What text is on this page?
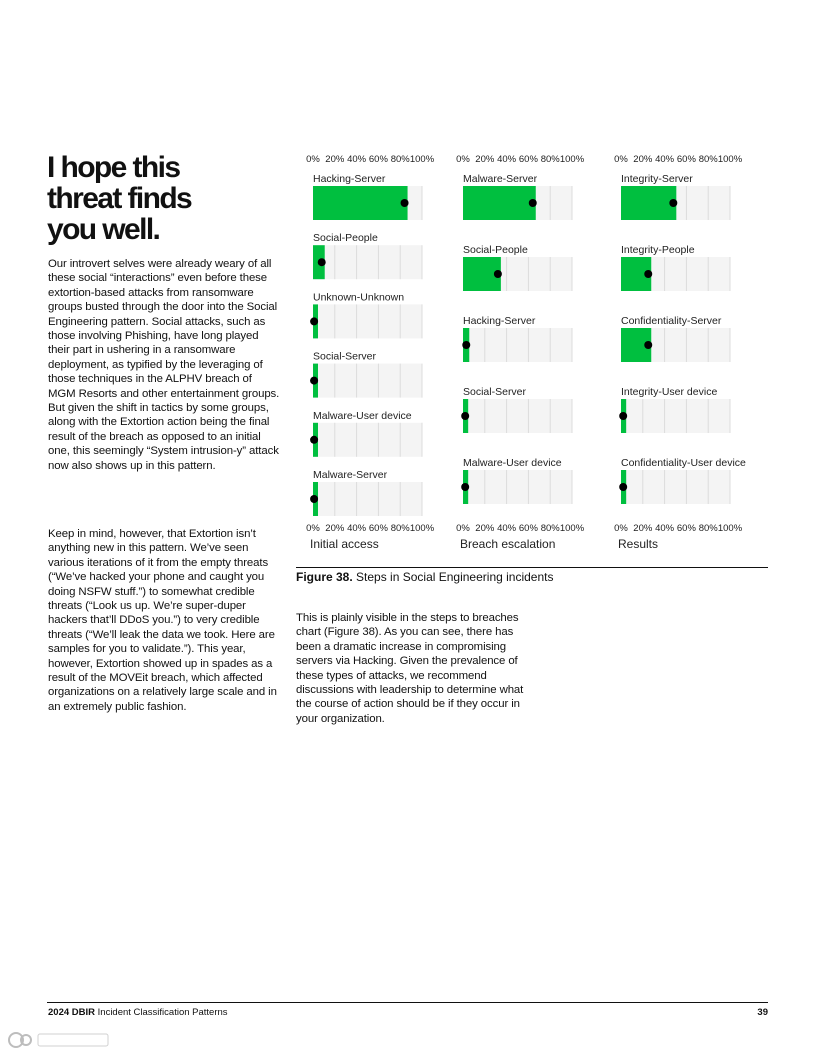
I hope this
threat finds
you well.

Our introvert selves were already weary of all these social “interactions” even before these extortion-based attacks from ransomware groups busted through the door into the Social Engineering pattern. Social attacks, such as those involving Phishing, have long played their part in ushering in a ransomware deployment, as typified by the leveraging of those techniques in the ALPHV breach of MGM Resorts and other entertainment groups. But given the shift in tactics by some groups, along with the Extortion action being the final result of the breach as opposed to an initial one, this seemingly “System intrusion-y” attack now also shows up in this pattern.

Keep in mind, however, that Extortion isn’t anything new in this pattern. We’ve seen various iterations of it from the empty threats (“We’ve hacked your phone and caught you doing NSFW stuff.”) to somewhat credible threats (“Look us up. We’re super-duper hackers that’ll DDoS you.”) to very credible threats (“We’ll leak the data we took. Here are samples for you to validate.”). This year, however, Extortion showed up in spades as a result of the MOVEit breach, which affected organizations on a relatively large scale and in an extremely public fashion.

0%
0%
20%
20%
40%
40%
60%
60%
80%
80%
100%
100%
Hacking-Server
Social-People
Unknown-Unknown
Social-Server
Malware-User device
Malware-Server
Initial access
0%
0%
20%
20%
40%
40%
60%
60%
80%
80%
100%
100%
Malware-Server
Social-People
Hacking-Server
Social-Server
Malware-User device
Breach escalation
0%
0%
20%
20%
40%
40%
60%
60%
80%
80%
100%
100%
Integrity-Server
Integrity-People
Confidentiality-Server
Integrity-User device
Confidentiality-User device
Results

Figure 38. Steps in Social Engineering incidents

This is plainly visible in the steps to breaches chart (Figure 38). As you can see, there has been a dramatic increase in compromising servers via Hacking. Given the prevalence of these types of attacks, we recommend discussions with leadership to determine what the course of action should be if they occur in your organization.

2024 DBIR Incident Classification Patterns	39
